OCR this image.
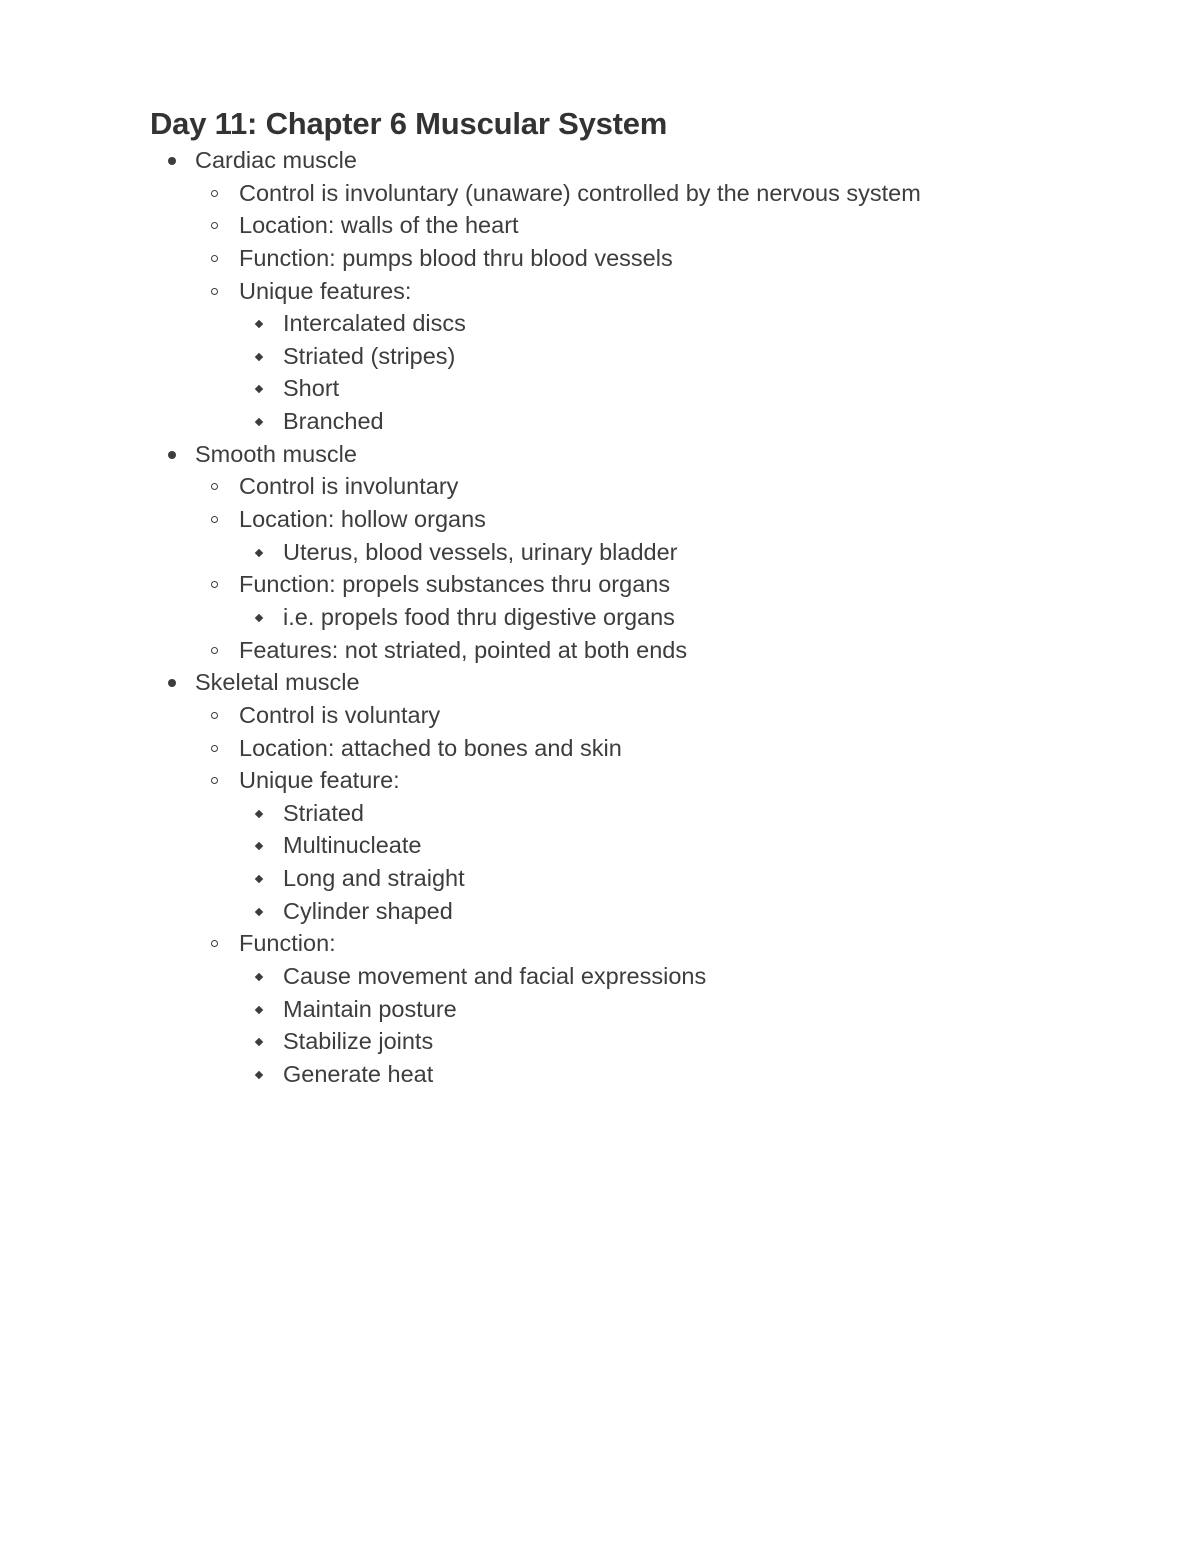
Day 11: Chapter 6 Muscular System
Cardiac muscle
Control is involuntary (unaware) controlled by the nervous system
Location: walls of the heart
Function: pumps blood thru blood vessels
Unique features:
Intercalated discs
Striated (stripes)
Short
Branched
Smooth muscle
Control is involuntary
Location: hollow organs
Uterus, blood vessels, urinary bladder
Function: propels substances thru organs
i.e. propels food thru digestive organs
Features: not striated, pointed at both ends
Skeletal muscle
Control is voluntary
Location: attached to bones and skin
Unique feature:
Striated
Multinucleate
Long and straight
Cylinder shaped
Function:
Cause movement and facial expressions
Maintain posture
Stabilize joints
Generate heat
